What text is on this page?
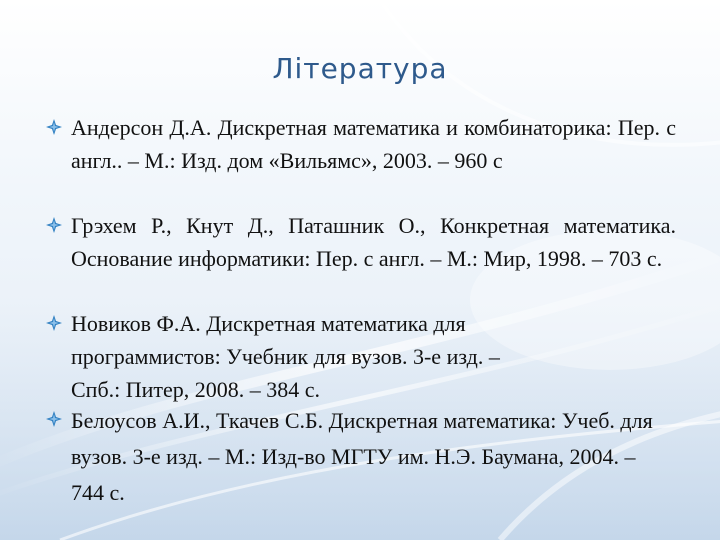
Література
Андерсон Д.А. Дискретная математика и комбинаторика: Пер. с англ.. – М.: Изд. дом «Вильямс», 2003. – 960 с
Грэхем Р., Кнут Д., Паташник О., Конкретная математика. Основание информатики: Пер. с англ. – М.: Мир, 1998. – 703 с.
Новиков Ф.А. Дискретная математика для программистов: Учебник для вузов. 3-е изд. – Спб.: Питер, 2008. – 384 с.
Белоусов А.И., Ткачев С.Б. Дискретная математика: Учеб. для вузов. 3-е изд. – М.: Изд-во МГТУ им. Н.Э. Баумана, 2004. – 744 с.
